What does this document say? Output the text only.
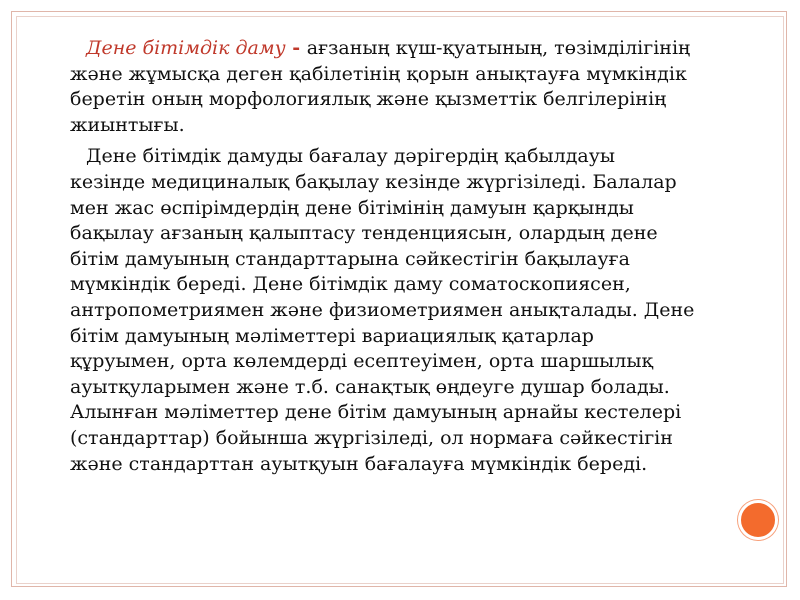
Дене бітімдік даму - ағзаның күш-қуатының, төзімділігінің және жұмысқа деген қабілетінің қорын анықтауға мүмкіндік беретін оның морфологиялық және қызметтік белгілерінің жиынтығы.

Дене бітімдік дамуды бағалау дәрігердің қабылдауы кезінде медициналық бақылау кезінде жүргізіледі. Балалар мен жас өспірімдердің дене бітімінің дамуын қарқынды бақылау ағзаның қалыптасу тенденциясын, олардың дене бітім дамуының стандарттарына сәйкестігін бақылауға мүмкіндік береді. Дене бітімдік даму соматоскопиясен, антропометриямен және физиометриямен анықталады. Дене бітім дамуының мәліметтері вариациялық қатарлар құруымен, орта көлемдерді есептеуімен, орта шаршылық ауытқуларымен және т.б. санақтық өңдеуге душар болады. Алынған мәліметтер дене бітім дамуының арнайы кестелері (стандарттар) бойынша жүргізіледі, ол нормаға сәйкестігін және стандарттан ауытқуын бағалауға мүмкіндік береді.
